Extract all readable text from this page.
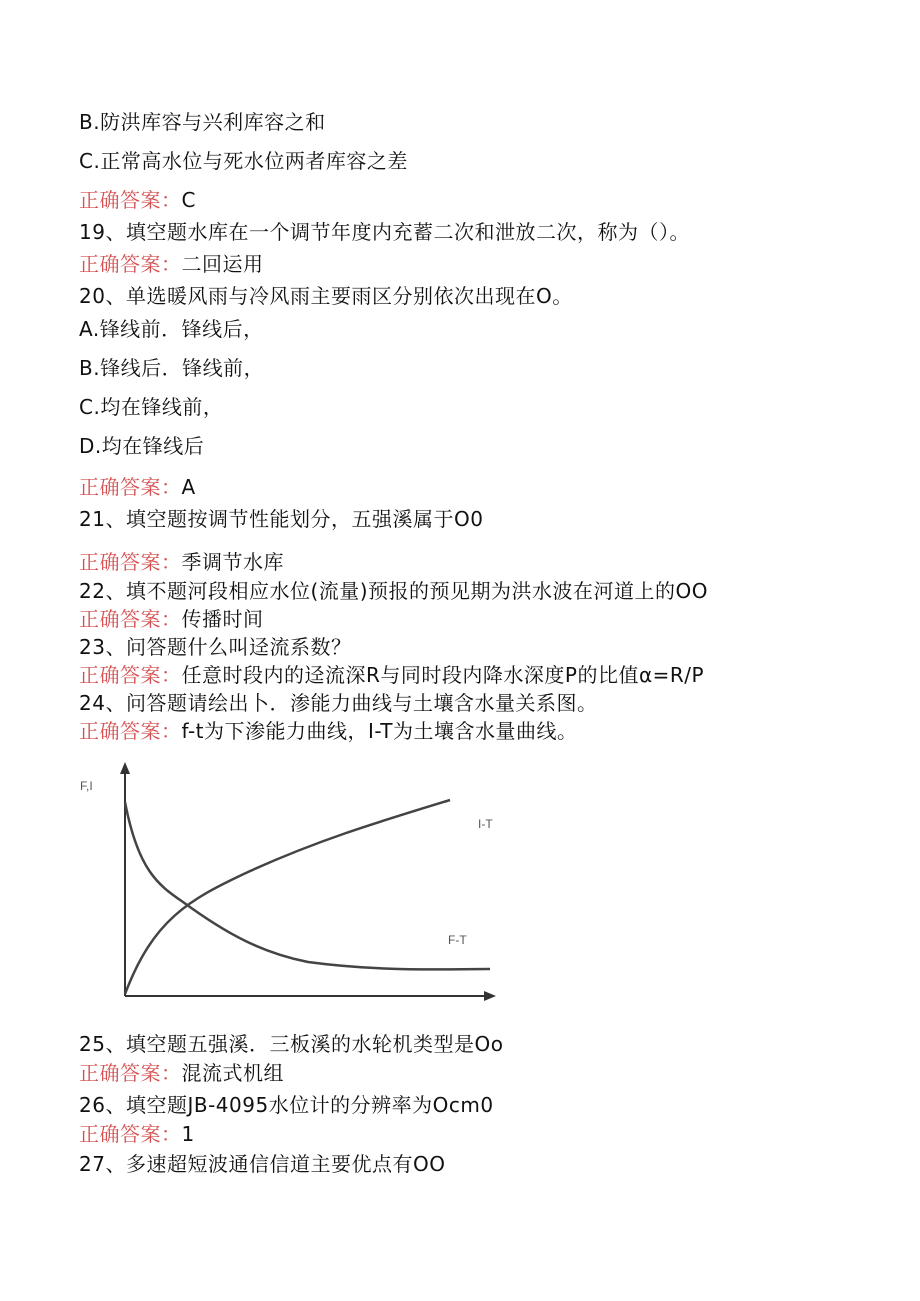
B.防洪库容与兴利库容之和
C.正常高水位与死水位两者库容之差
正确答案：C
19、填空题水库在一个调节年度内充蓄二次和泄放二次，称为（）。
正确答案：二回运用
20、单选暖风雨与冷风雨主要雨区分别依次出现在O。
A.锋线前．锋线后，
B.锋线后．锋线前，
C.均在锋线前，
D.均在锋线后
正确答案：A
21、填空题按调节性能划分，五强溪属于O0
正确答案：季调节水库
22、填不题河段相应水位(流量)预报的预见期为洪水波在河道上的OO
正确答案：传播时间
23、问答题什么叫迳流系数？
正确答案：任意时段内的迳流深R与同时段内降水深度P的比值α=R/P
24、问答题请绘出卜．渗能力曲线与土壤含水量关系图。
正确答案：f-t为下渗能力曲线，I-T为土壤含水量曲线。
F,I
I-T
F-T
25、填空题五强溪．三板溪的水轮机类型是Oo
正确答案：混流式机组
26、填空题JB-4095水位计的分辨率为Ocm0
正确答案：1
27、多速超短波通信信道主要优点有OO
